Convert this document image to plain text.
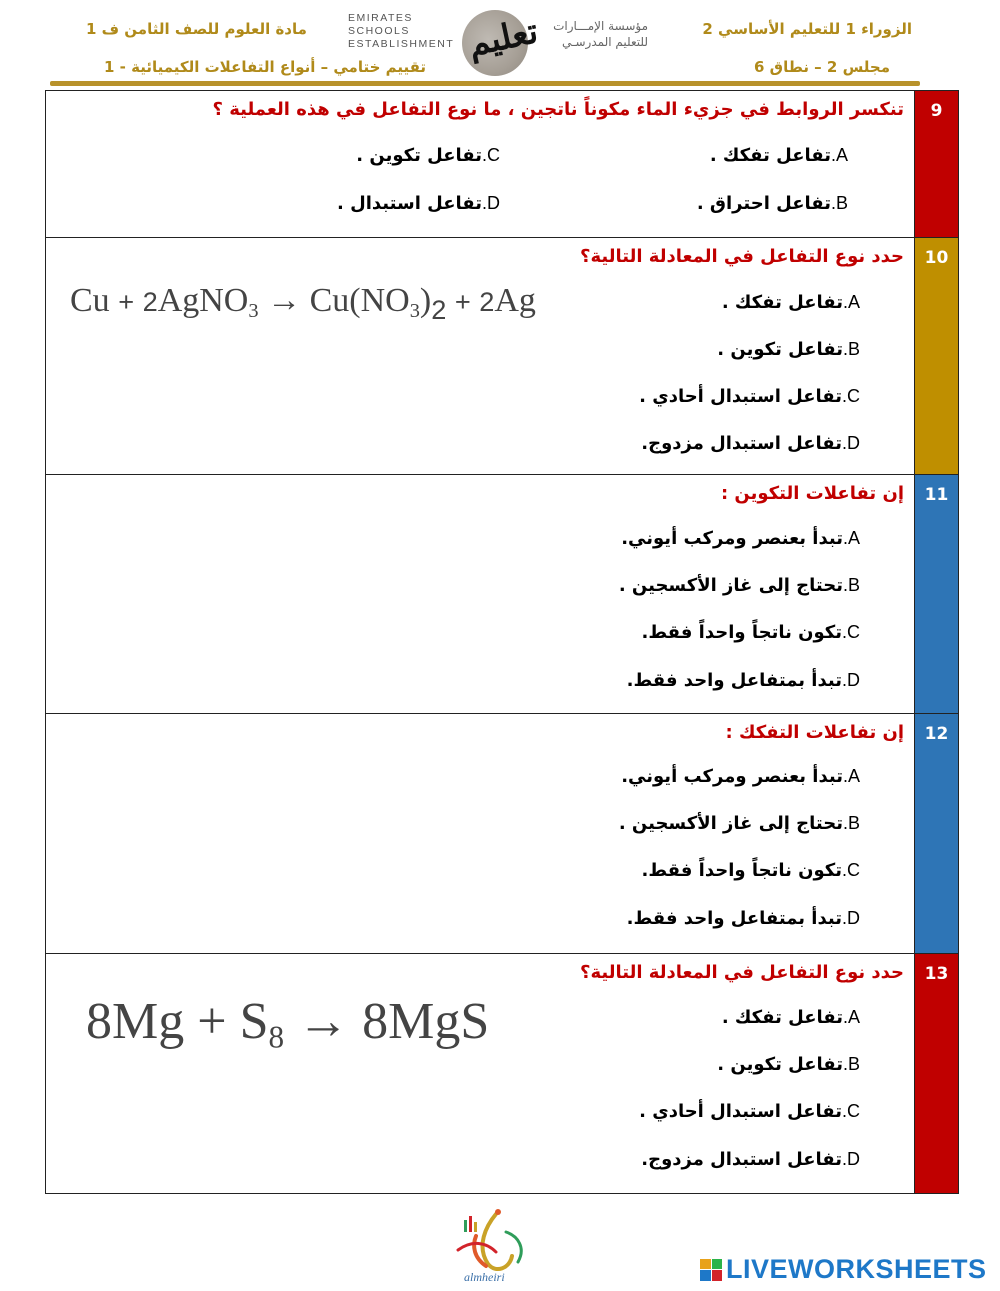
الزوراء 1 للتعليم الأساسي 2
مجلس 2 – نطاق 6
مادة العلوم للصف الثامن ف 1
تقييم ختامي – أنواع التفاعلات الكيميائية - 1
EMIRATES SCHOOLS
ESTABLISHMENT تعليم مؤسسة الإمـــارات
للتعليم المدرسـي
9
تنكسر الروابط في جزيء الماء مكوناً ناتجين ، ما نوع التفاعل في هذه العملية ؟
A.تفاعل تفكك .
B.تفاعل احتراق .
C.تفاعل تكوين .
D.تفاعل استبدال .
10
حدد نوع التفاعل في المعادلة التالية؟
Cu + 2AgNO$_3$ → $Cu(NO_3)_2 + 2Ag$	A.تفاعل تفكك .
B.تفاعل تكوين .
C.تفاعل استبدال أحادي .
D.تفاعل استبدال مزدوج.
11
إن تفاعلات التكوين :
A.تبدأ بعنصر ومركب أيوني.
B.تحتاج إلى غاز الأكسجين .
C.تكون ناتجاً واحداً فقط.
D.تبدأ بمتفاعل واحد فقط.
12
إن تفاعلات التفكك :
A.تبدأ بعنصر ومركب أيوني.
B.تحتاج إلى غاز الأكسجين .
C.تكون ناتجاً واحداً فقط.
D.تبدأ بمتفاعل واحد فقط.
13
حدد نوع التفاعل في المعادلة التالية؟
$8Mg + S_8 \to 8MgS$	A.تفاعل تفكك .
B.تفاعل تكوين .
C.تفاعل استبدال أحادي .
D.تفاعل استبدال مزدوج.
almheiri	LIVEWORKSHEETS
